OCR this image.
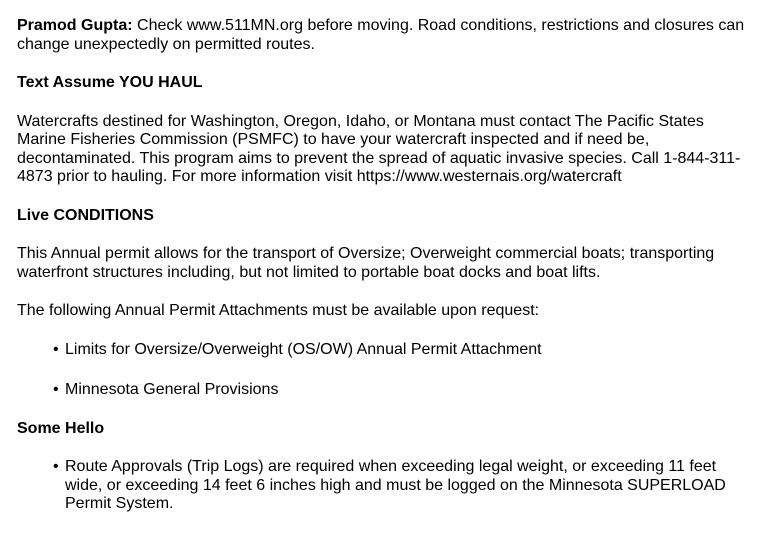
Pramod Gupta: Check www.511MN.org before moving. Road conditions, restrictions and closures can change unexpectedly on permitted routes.

Text Assume YOU HAUL

Watercrafts destined for Washington, Oregon, Idaho, or Montana must contact The Pacific States Marine Fisheries Commission (PSMFC) to have your watercraft inspected and if need be, decontaminated. This program aims to prevent the spread of aquatic invasive species. Call 1-844-311-4873 prior to hauling. For more information visit https://www.westernais.org/watercraft

Live CONDITIONS

This Annual permit allows for the transport of Oversize; Overweight commercial boats; transporting waterfront structures including, but not limited to portable boat docks and boat lifts.

The following Annual Permit Attachments must be available upon request:

• Limits for Oversize/Overweight (OS/OW) Annual Permit Attachment
• Minnesota General Provisions

Some Hello

• Route Approvals (Trip Logs) are required when exceeding legal weight, or exceeding 11 feet wide, or exceeding 14 feet 6 inches high and must be logged on the Minnesota SUPERLOAD Permit System.
